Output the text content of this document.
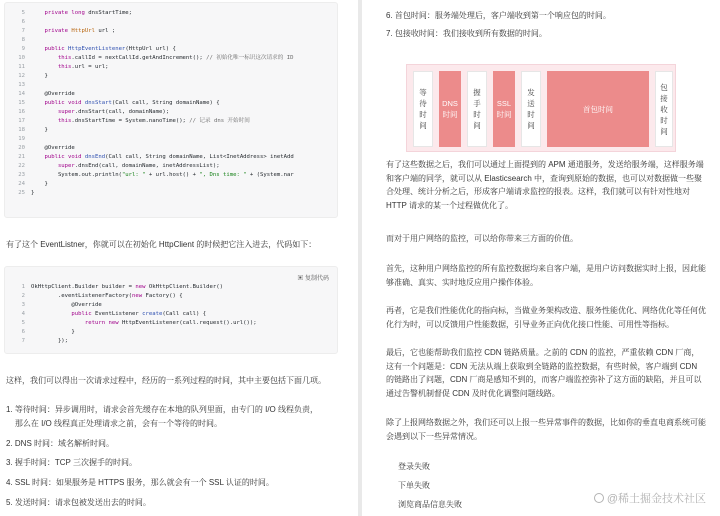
5 private long dnsStartTime;
6
7 private HttpUrl url ;
8
9 public HttpEventListener(HttpUrl url) {
10 this.callId = nextCallId.getAndIncrement(); // 初始化唯一标识这次请求的 ID
11 this.url = url;
12 }
13
14 @Override
15 public void dnsStart(Call call, String domainName) {
16 super.dnsStart(call, domainName);
17 this.dnsStartTime = System.nanoTime(); // 记录 dns 开始时间
18 }
19
20 @Override
21 public void dnsEnd(Call call, String domainName, List<InetAddress> inetAdd
22 super.dnsEnd(call, domainName, inetAddressList);
23 System.out.println("url: " + url.host() + ", Dns time: " + (System.nar
24 }
25 }
有了这个 EventListner，你就可以在初始化 HttpClient 的时候把它注入进去，代码如下：
▣ 复制代码
1 OkHttpClient.Builder builder = new OkHttpClient.Builder()
2 .eventListenerFactory(new Factory() {
3 @Override
4 public EventListener create(Call call) {
5 return new HttpEventListener(call.request().url());
6 }
7 });
这样，我们可以得出一次请求过程中，经历的一系列过程的时间，其中主要包括下面几项。
1. 等待时间：异步调用时，请求会首先缓存在本地的队列里面，由专门的 I/O 线程负责，
那么在 I/O 线程真正处理请求之前，会有一个等待的时间。
2. DNS 时间：域名解析时间。
3. 握手时间：TCP 三次握手的时间。
4. SSL 时间：如果服务是 HTTPS 服务，那么就会有一个 SSL 认证的时间。
5. 发送时间：请求包被发送出去的时间。
6. 首包时间：服务端处理后，客户端收到第一个响应包的时间。
7. 包接收时间：我们接收到所有数据的时间。
等
待
时
间
DNS
时间
握
手
时
间
SSL
时间
发
送
时
间
首包时间
包
接
收
时
间
有了这些数据之后，我们可以通过上面提到的 APM 通道服务，发送给服务端，这样服务端
和客户端的同学，就可以从 Elasticsearch 中，查询到原始的数据，也可以对数据做一些聚
合处理、统计分析之后，形成客户端请求监控的报表。这样，我们就可以有针对性地对
HTTP 请求的某一个过程做优化了。
而对于用户网络的监控，可以给你带来三方面的价值。
首先，这种用户网络监控的所有监控数据均来自客户端，是用户访问数据实时上报，因此能
够准确、真实、实时地反应用户操作体验。
再者，它是我们性能优化的指向标，当做业务架构改造、服务性能优化、网络优化等任何优
化行为时，可以反馈用户性能数据，引导业务正向优化接口性能、可用性等指标。
最后，它也能帮助我们监控 CDN 链路质量。之前的 CDN 的监控，严重依赖 CDN 厂商，
这有一个问题是：CDN 无法从端上获取到全链路的监控数据，有些时候，客户端到 CDN
的链路出了问题，CDN 厂商是感知不到的，而客户端监控弥补了这方面的缺陷，并且可以
通过告警机制督促 CDN 及时优化调整问题线路。
除了上报网络数据之外，我们还可以上报一些异常事件的数据，比如你的垂直电商系统可能
会遇到以下一些异常情况。
登录失败
下单失败
浏览商品信息失败	@稀土掘金技术社区
